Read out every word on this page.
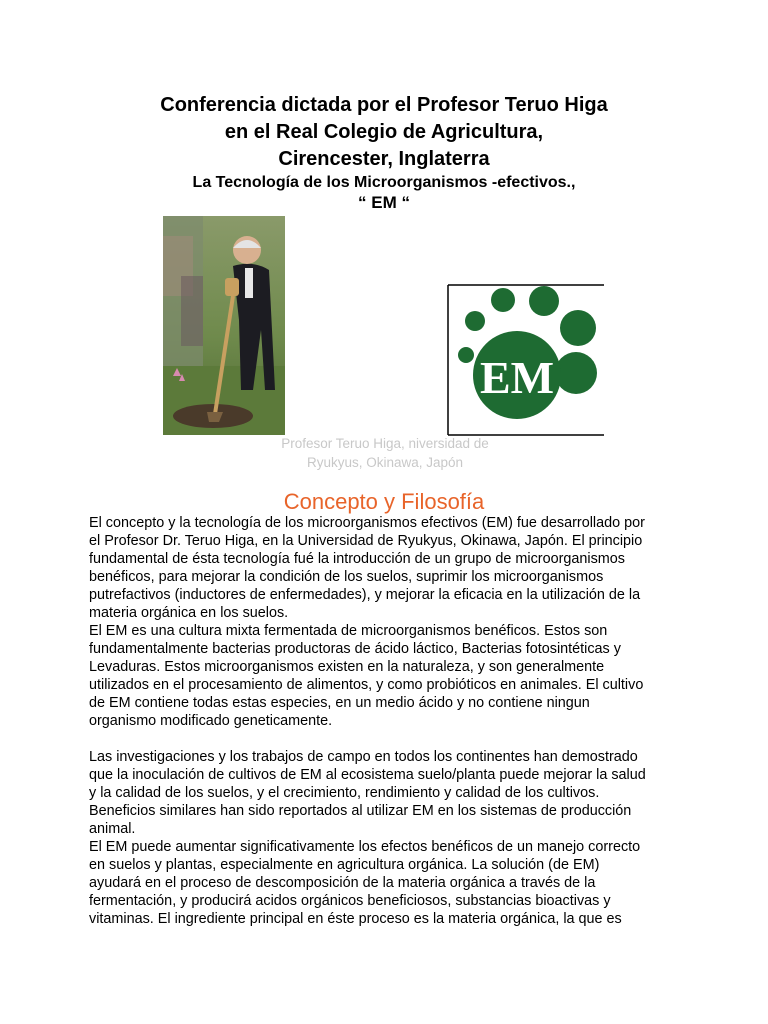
Conferencia dictada por el Profesor Teruo Higa
en el Real Colegio de Agricultura,
Cirencester, Inglaterra
La Tecnología de los Microorganismos -efectivos.,
“ EM “
EM
Profesor Teruo Higa, niversidad de
Ryukyus, Okinawa, Japón
Concepto y Filosofía
El concepto y la tecnología de los microorganismos efectivos (EM) fue desarrollado por
el Profesor Dr. Teruo Higa, en la Universidad de Ryukyus, Okinawa, Japón. El principio
fundamental de ésta tecnología fué la introducción de un grupo de microorganismos
benéficos, para mejorar la condición de los suelos, suprimir los microorganismos
putrefactivos (inductores de enfermedades), y mejorar la eficacia en la utilización de la
materia orgánica en los suelos.
El EM es una cultura mixta fermentada de microorganismos benéficos. Estos son
fundamentalmente bacterias productoras de ácido láctico, Bacterias fotosintéticas y
Levaduras. Estos microorganismos existen en la naturaleza, y son generalmente
utilizados en el procesamiento de alimentos, y como probióticos en animales. El cultivo
de EM contiene todas estas especies, en un medio ácido y no contiene ningun
organismo modificado geneticamente.
Las investigaciones y los trabajos de campo en todos los continentes han demostrado
que la inoculación de cultivos de EM al ecosistema suelo/planta puede mejorar la salud
y la calidad de los suelos, y el crecimiento, rendimiento y calidad de los cultivos.
Beneficios similares han sido reportados al utilizar EM en los sistemas de producción
animal.
El EM puede aumentar significativamente los efectos benéficos de un manejo correcto
en suelos y plantas, especialmente en agricultura orgánica. La solución (de EM)
ayudará en el proceso de descomposición de la materia orgánica a través de la
fermentación, y producirá acidos orgánicos beneficiosos, substancias bioactivas y
vitaminas. El ingrediente principal en éste proceso es la materia orgánica, la que es
